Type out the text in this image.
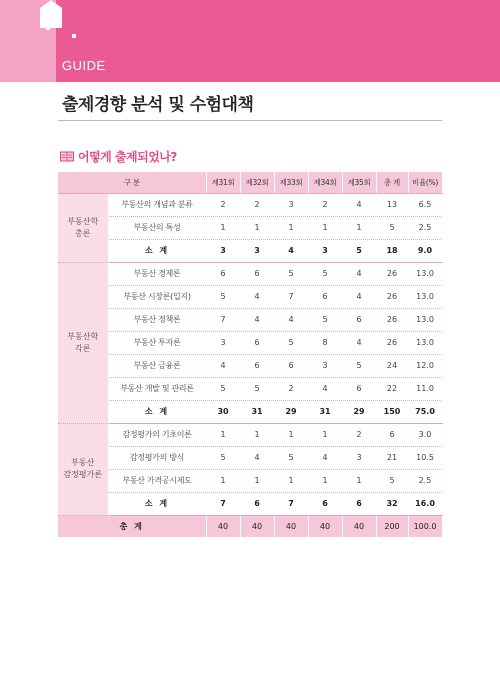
GUIDE
출제경향 분석 및 수험대책
어떻게 출제되었나?
구 분		제31회	제32회	제33회	제34회	제35회	총 계	비율(%)

부동산학
총론	부동산의 개념과 분류	2	2	3	2	4	13	6.5
	부동산의 특성	1	1	1	1	1	5	2.5
	소 계	3	3	4	3	5	18	9.0

부동산학
각론	부동산 경제론	6	6	5	5	4	26	13.0
	부동산 시장론(입지)	5	4	7	6	4	26	13.0
	부동산 정책론	7	4	4	5	6	26	13.0
	부동산 투자론	3	6	5	8	4	26	13.0
	부동산 금융론	4	6	6	3	5	24	12.0
	부동산 개발 및 관리론	5	5	2	4	6	22	11.0
	소 계	30	31	29	31	29	150	75.0

부동산
감정평가론	감정평가의 기초이론	1	1	1	1	2	6	3.0
	감정평가의 방식	5	4	5	4	3	21	10.5
	부동산 가격공시제도	1	1	1	1	1	5	2.5
	소 계	7	6	7	6	6	32	16.0
총 계		40	40	40	40	40	200	100.0
